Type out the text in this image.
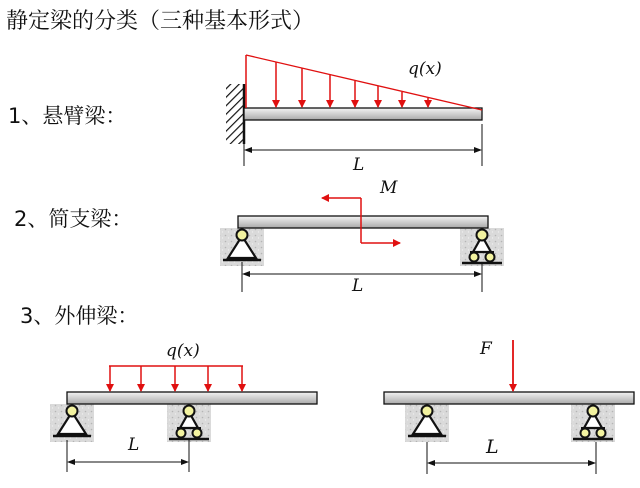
静定梁的分类（三种基本形式）
1、悬臂梁：
2、简支梁：
3、外伸梁：
q(x)
L
M
L
q(x)
L
F
L
